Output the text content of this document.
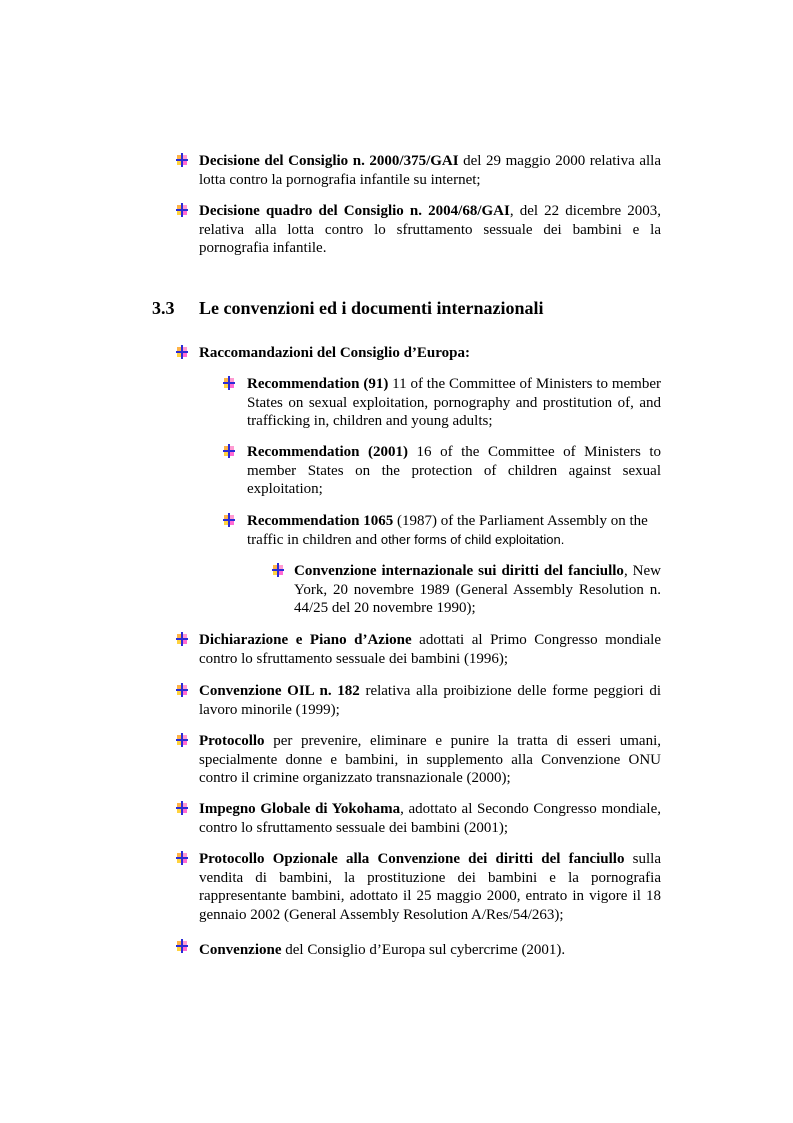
Decisione del Consiglio n. 2000/375/GAI del 29 maggio 2000 relativa alla lotta contro la pornografia infantile su internet;
Decisione quadro del Consiglio n. 2004/68/GAI, del 22 dicembre 2003, relativa alla lotta contro lo sfruttamento sessuale dei bambini e la pornografia infantile.
3.3 Le convenzioni ed i documenti internazionali
Raccomandazioni del Consiglio d’Europa:
Recommendation (91) 11 of the Committee of Ministers to member States on sexual exploitation, pornography and prostitution of, and trafficking in, children and young adults;
Recommendation (2001) 16 of the Committee of Ministers to member States on the protection of children against sexual exploitation;
Recommendation 1065 (1987) of the Parliament Assembly on the traffic in children and other forms of child exploitation.
Convenzione internazionale sui diritti del fanciullo, New York, 20 novembre 1989 (General Assembly Resolution n. 44/25 del 20 novembre 1990);
Dichiarazione e Piano d’Azione adottati al Primo Congresso mondiale contro lo sfruttamento sessuale dei bambini (1996);
Convenzione OIL n. 182 relativa alla proibizione delle forme peggiori di lavoro minorile (1999);
Protocollo per prevenire, eliminare e punire la tratta di esseri umani, specialmente donne e bambini, in supplemento alla Convenzione ONU contro il crimine organizzato transnazionale (2000);
Impegno Globale di Yokohama, adottato al Secondo Congresso mondiale, contro lo sfruttamento sessuale dei bambini (2001);
Protocollo Opzionale alla Convenzione dei diritti del fanciullo sulla vendita di bambini, la prostituzione dei bambini e la pornografia rappresentante bambini, adottato il 25 maggio 2000, entrato in vigore il 18 gennaio 2002 (General Assembly Resolution A/Res/54/263);
Convenzione del Consiglio d’Europa sul cybercrime (2001).
